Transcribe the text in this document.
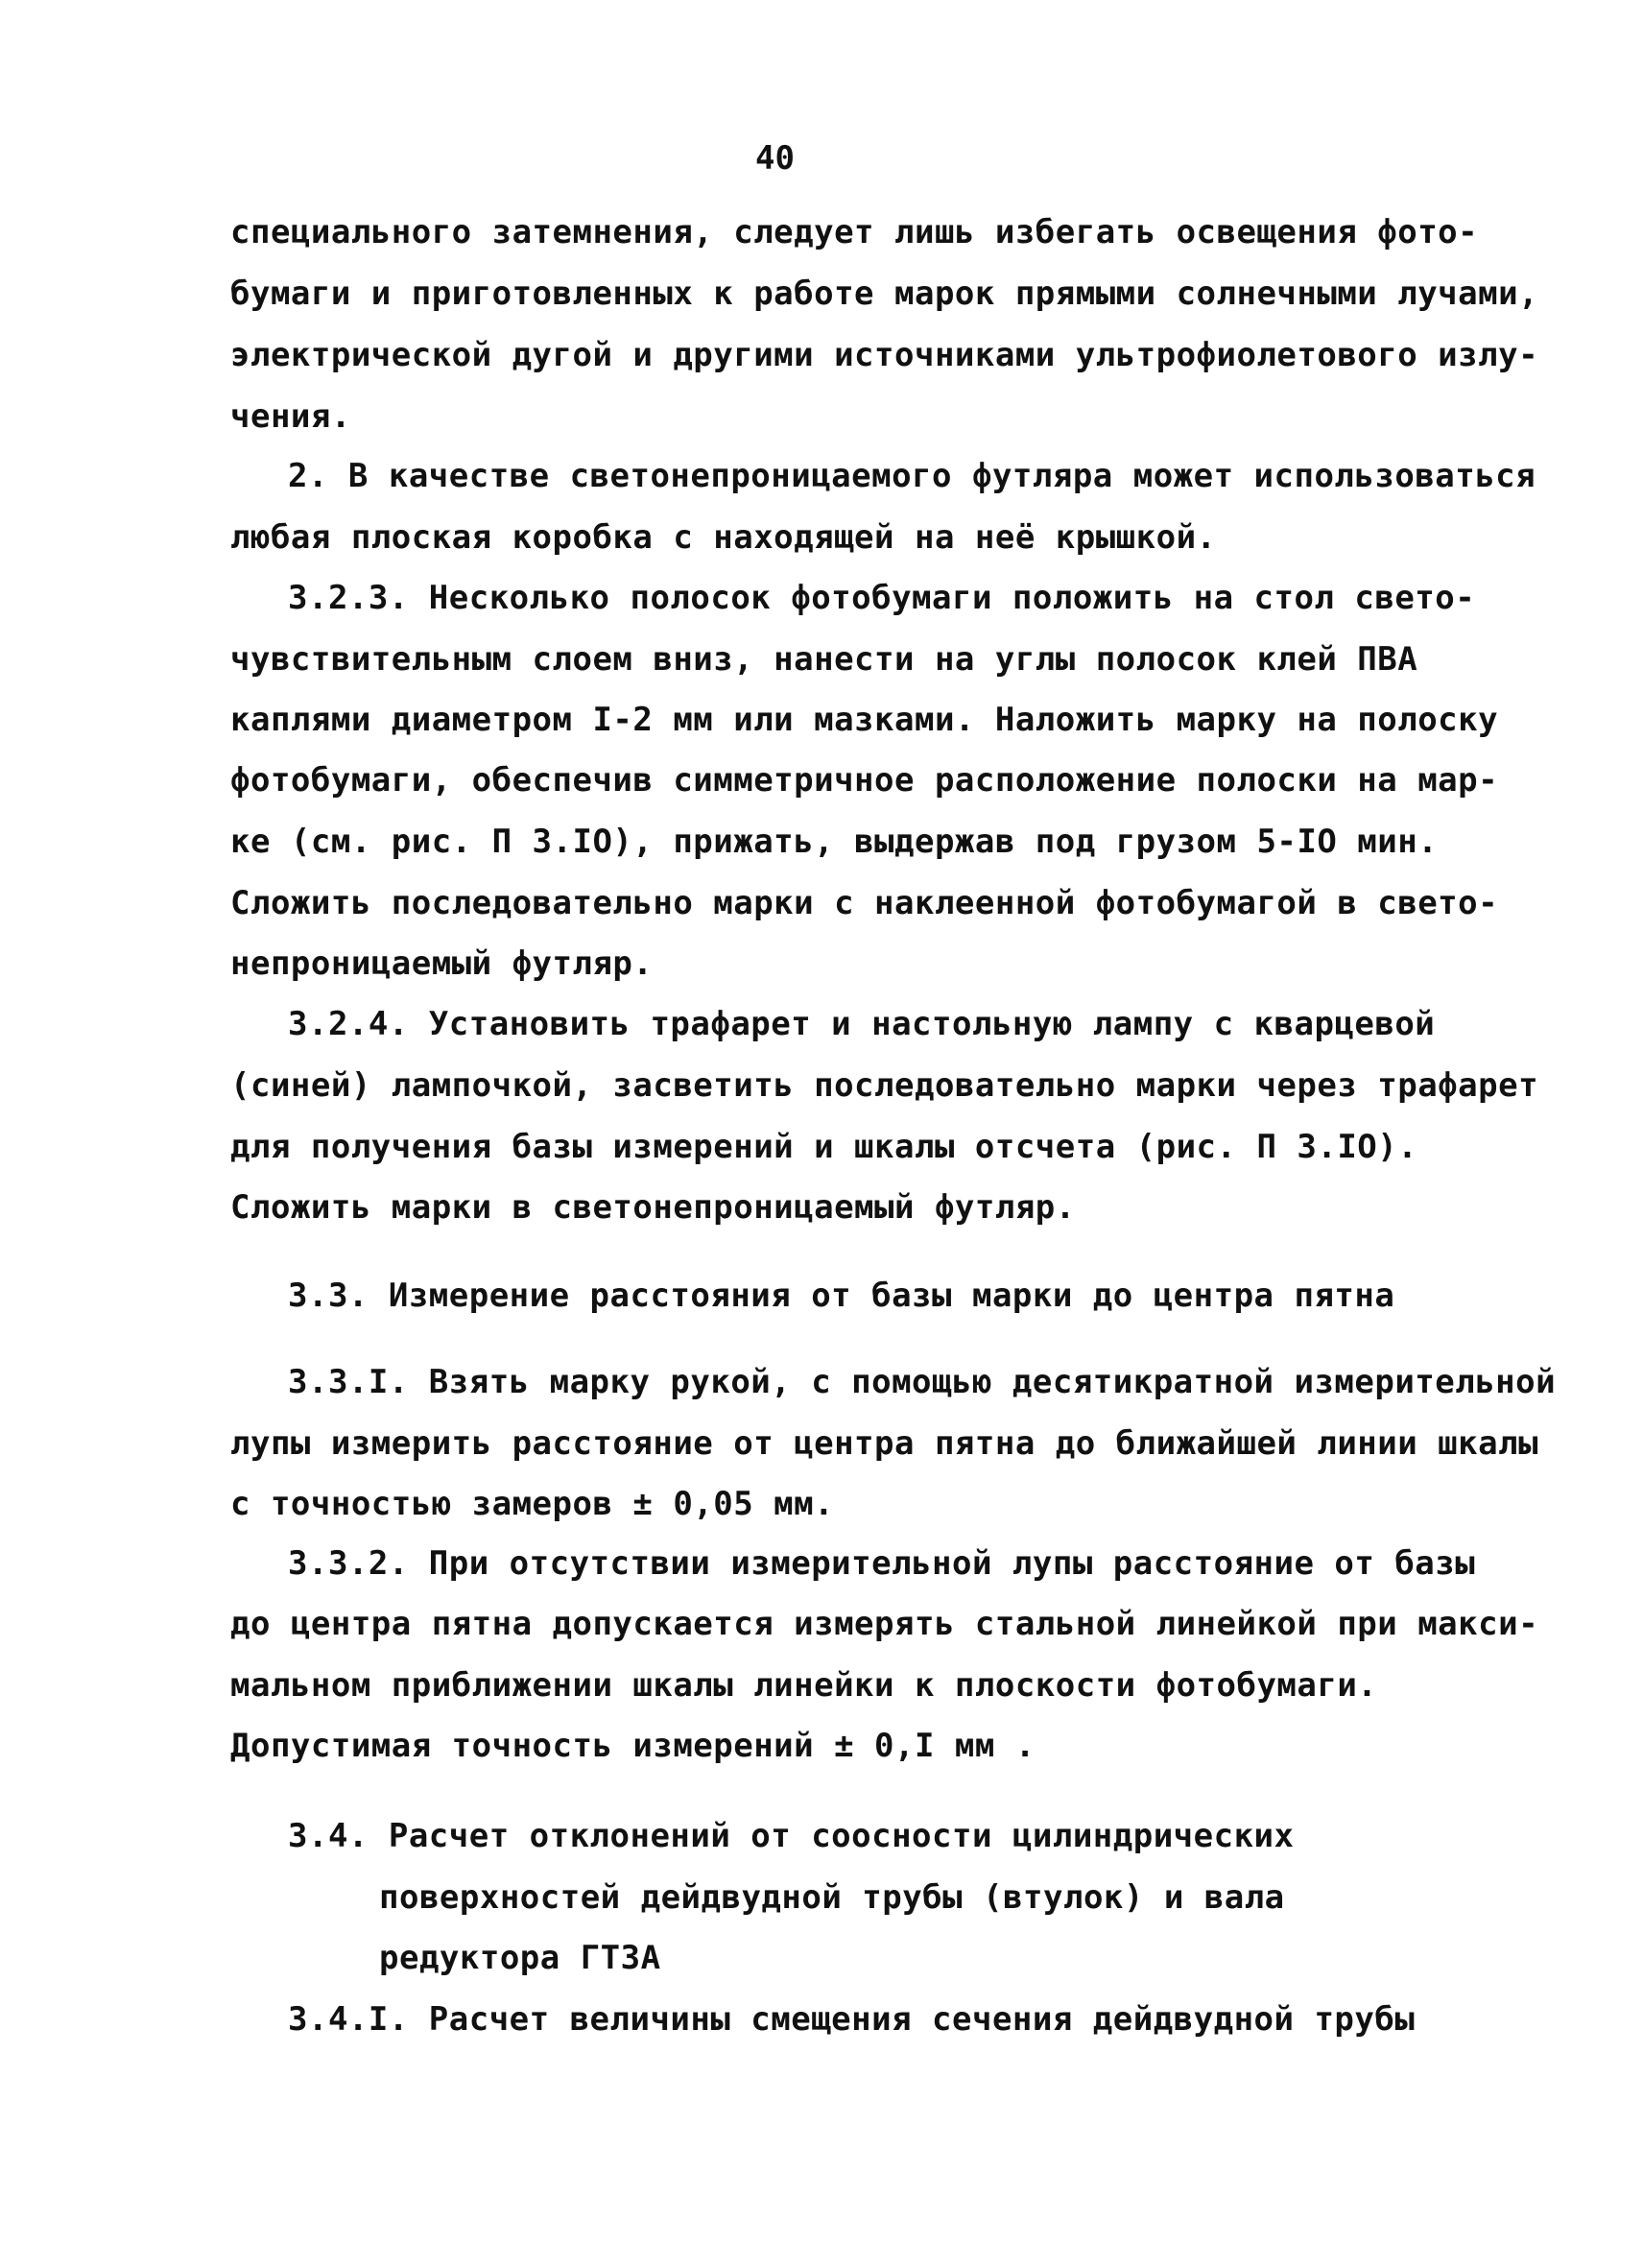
40
специального затемнения, следует лишь избегать освещения фото-
бумаги и приготовленных к работе марок прямыми солнечными лучами,
электрической дугой и другими источниками ультрофиолетового излу-
чения.
2. В качестве светонепроницаемого футляра может использоваться
любая плоская коробка с находящей на неё крышкой.
3.2.3. Несколько полосок фотобумаги положить на стол свето-
чувствительным слоем вниз, нанести на углы полосок клей ПВА
каплями диаметром I-2 мм или мазками. Наложить марку на полоску
фотобумаги, обеспечив симметричное расположение полоски на мар-
ке (см. рис. П 3.IO), прижать, выдержав под грузом 5-IO мин.
Сложить последовательно марки с наклеенной фотобумагой в свето-
непроницаемый футляр.
3.2.4. Установить трафарет и настольную лампу с кварцевой
(синей) лампочкой, засветить последовательно марки через трафарет
для получения базы измерений и шкалы отсчета (рис. П 3.IO).
Сложить марки в светонепроницаемый футляр.
3.3. Измерение расстояния от базы марки до центра пятна
3.3.I. Взять марку рукой, с помощью десятикратной измерительной
лупы измерить расстояние от центра пятна до ближайшей линии шкалы
с точностью замеров ± 0,05 мм.
3.3.2. При отсутствии измерительной лупы расстояние от базы
до центра пятна допускается измерять стальной линейкой при макси-
мальном приближении шкалы линейки к плоскости фотобумаги.
Допустимая точность измерений ± 0,I мм .
3.4. Расчет отклонений от соосности цилиндрических
поверхностей дейдвудной трубы (втулок) и вала
редуктора ГТЗА
3.4.I. Расчет величины смещения сечения дейдвудной трубы
